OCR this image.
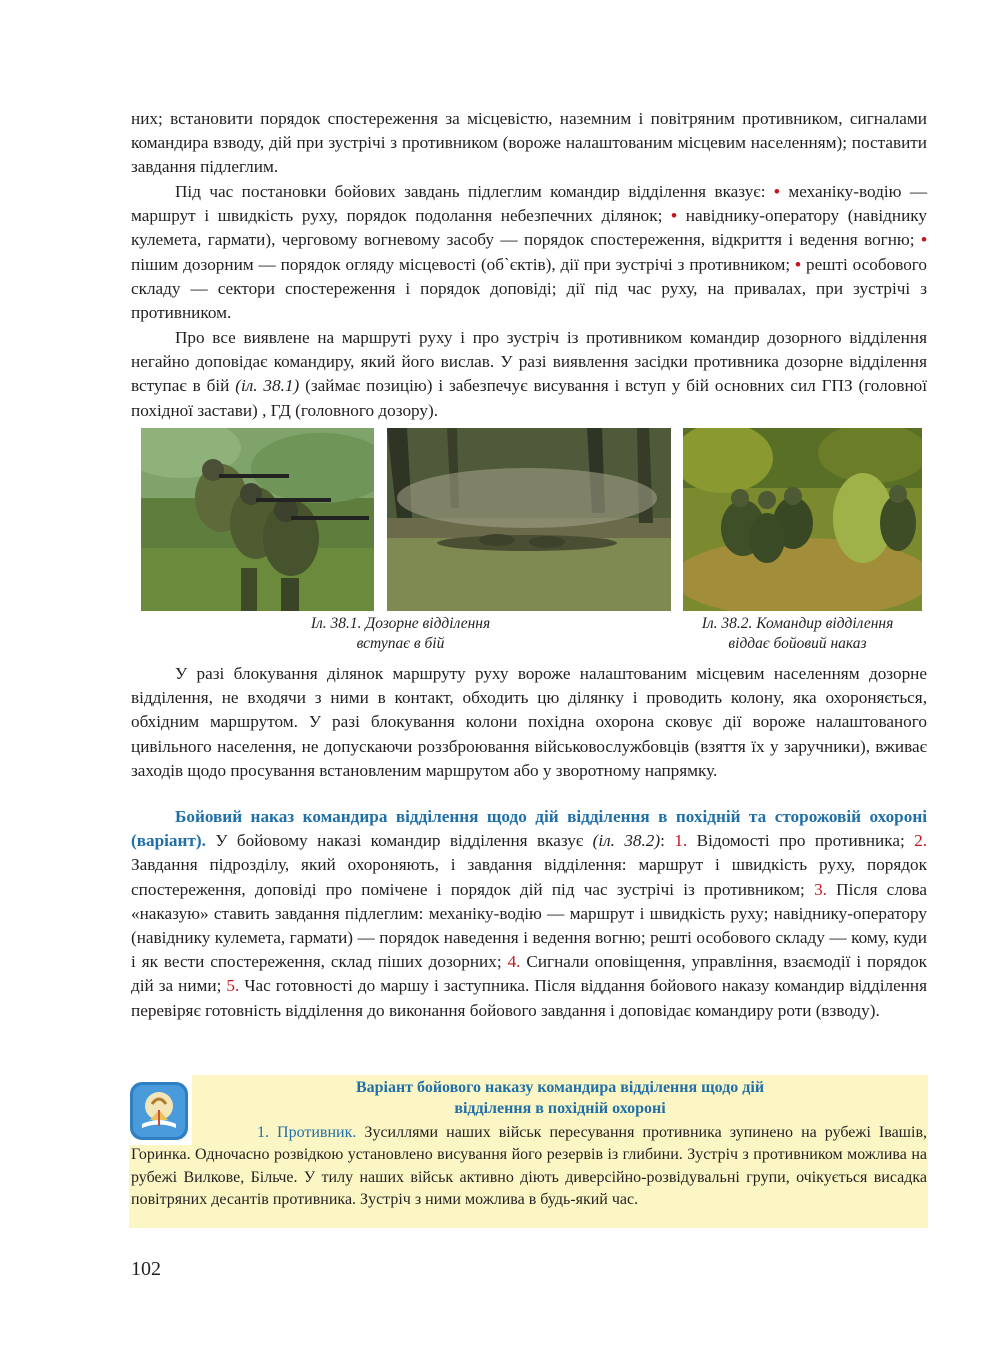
них; встановити порядок спостереження за місцевістю, наземним і повітряним противником, сигналами командира взводу, дій при зустрічі з противником (вороже налаштованим місцевим населенням); поставити завдання підлеглим.

Під час постановки бойових завдань підлеглим командир відділення вказує: • механіку-водію — маршрут і швидкість руху, порядок подолання небезпечних ділянок; • навіднику-оператору (навіднику кулемета, гармати), черговому вогневому засобу — порядок спостереження, відкриття і ведення вогню; • пішим дозорним — порядок огляду місцевості (об`єктів), дії при зустрічі з противником; • решті особового складу — сектори спостереження і порядок доповіді; дії під час руху, на привалах, при зустрічі з противником.

Про все виявлене на маршруті руху і про зустріч із противником командир дозорного відділення негайно доповідає командиру, який його вислав. У разі виявлення засідки противника дозорне відділення вступає в бій (іл. 38.1) (займає позицію) і забезпечує висування і вступ у бій основних сил ГПЗ (головної похідної застави) , ГД (головного дозору).

Іл. 38.1. Дозорне відділення вступає в бій
Іл. 38.2. Командир відділення віддає бойовий наказ

У разі блокування ділянок маршруту руху вороже налаштованим місцевим населенням дозорне відділення, не входячи з ними в контакт, обходить цю ділянку і проводить колону, яка охороняється, обхідним маршрутом. У разі блокування колони похідна охорона сковує дії вороже налаштованого цивільного населення, не допускаючи роззброювання військовослужбовців (взяття їх у заручники), вживає заходів щодо просування встановленим маршрутом або у зворотному напрямку.

Бойовий наказ командира відділення щодо дій відділення в похідній та сторожовій охороні (варіант). У бойовому наказі командир відділення вказує (іл. 38.2): 1. Відомості про противника; 2. Завдання підрозділу, який охороняють, і завдання відділення: маршрут і швидкість руху, порядок спостереження, доповіді про помічене і порядок дій під час зустрічі із противником; 3. Після слова «наказую» ставить завдання підлеглим: механіку-водію — маршрут і швидкість руху; навіднику-оператору (навіднику кулемета, гармати) — порядок наведення і ведення вогню; решті особового складу — кому, куди і як вести спостереження, склад піших дозорних; 4. Сигнали оповіщення, управління, взаємодії і порядок дій за ними; 5. Час готовності до маршу і заступника. Після віддання бойового наказу командир відділення перевіряє готовність відділення до виконання бойового завдання і доповідає командиру роти (взводу).

Варіант бойового наказу командира відділення щодо дій
відділення в похідній охороні

1. Противник. Зусиллями наших військ пересування противника зупинено на рубежі Івашів, Горинка. Одночасно розвідкою установлено висування його резервів із глибини. Зустріч з противником можлива на рубежі Вилкове, Більче. У тилу наших військ активно діють диверсійно-розвідувальні групи, очікується висадка повітряних десантів противника. Зустріч з ними можлива в будь-який час.

102
